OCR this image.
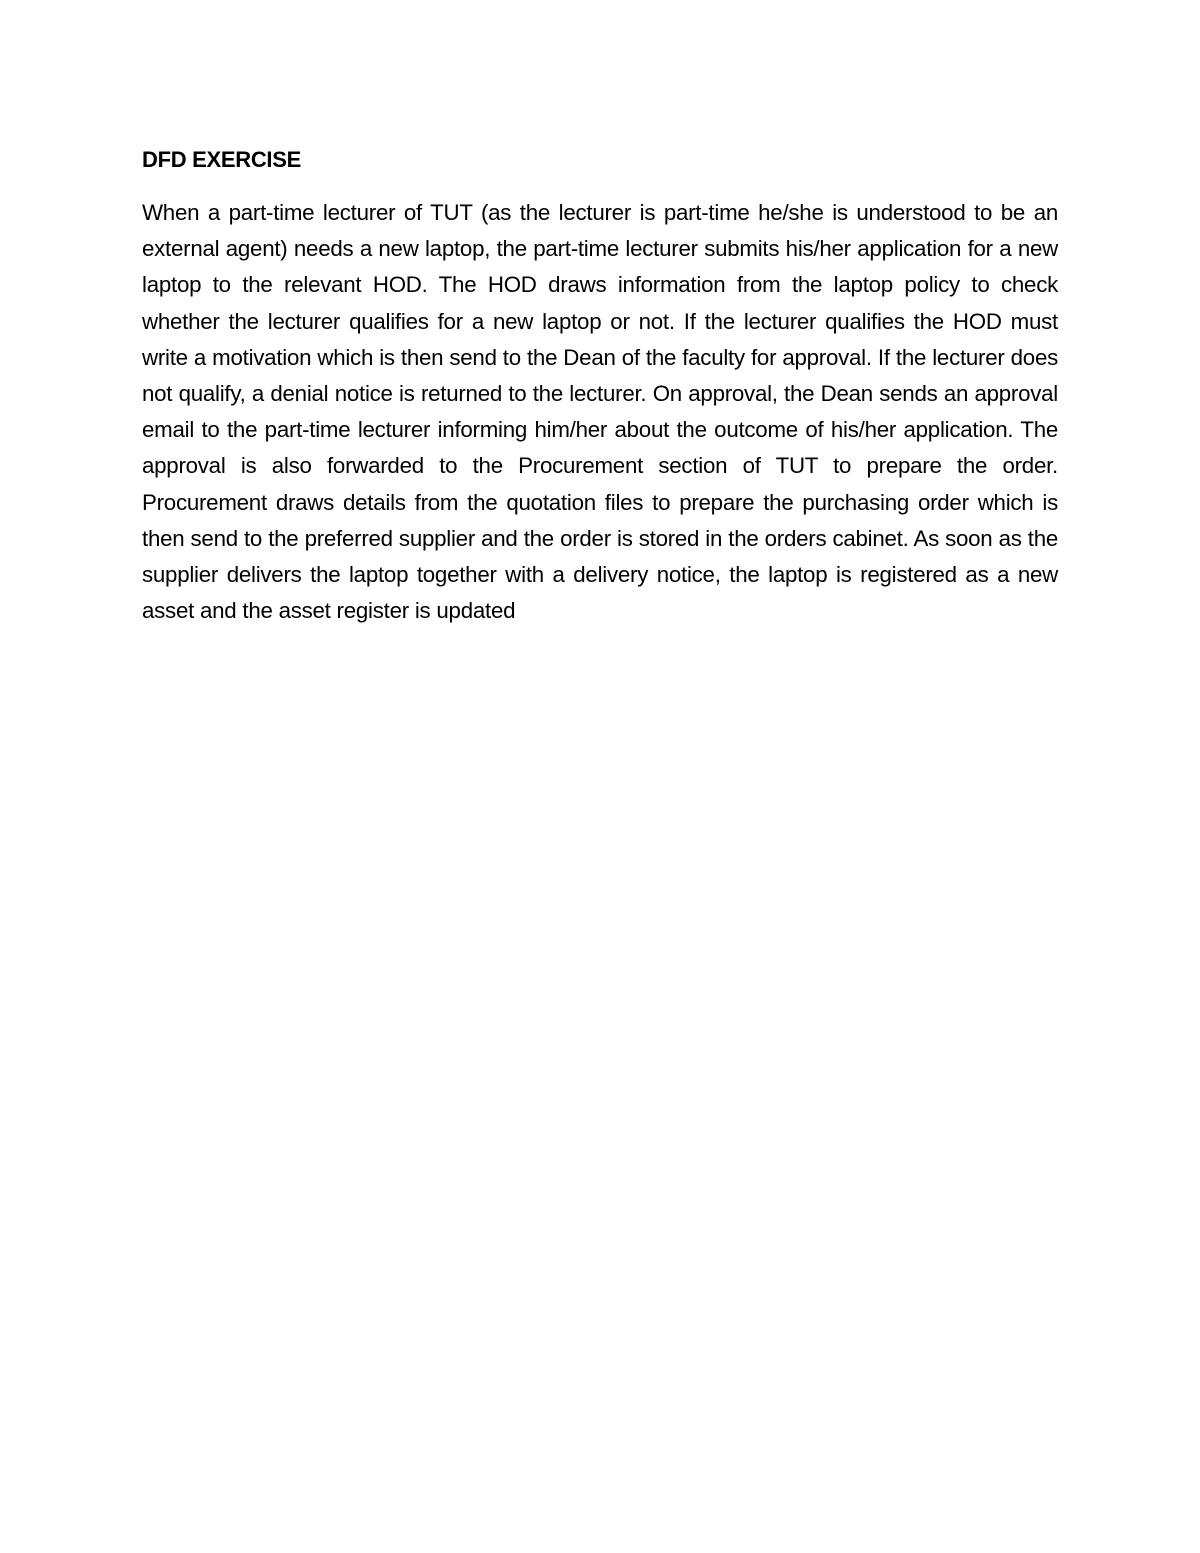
DFD EXERCISE

When a part-time lecturer of TUT (as the lecturer is part-time he/she is understood to be an external agent) needs a new laptop, the part-time lecturer submits his/her application for a new laptop to the relevant HOD. The HOD draws information from the laptop policy to check whether the lecturer qualifies for a new laptop or not. If the lecturer qualifies the HOD must write a motivation which is then send to the Dean of the faculty for approval. If the lecturer does not qualify, a denial notice is returned to the lecturer. On approval, the Dean sends an approval email to the part-time lecturer informing him/her about the outcome of his/her application. The approval is also forwarded to the Procurement section of TUT to prepare the order. Procurement draws details from the quotation files to prepare the purchasing order which is then send to the preferred supplier and the order is stored in the orders cabinet. As soon as the supplier delivers the laptop together with a delivery notice, the laptop is registered as a new asset and the asset register is updated
